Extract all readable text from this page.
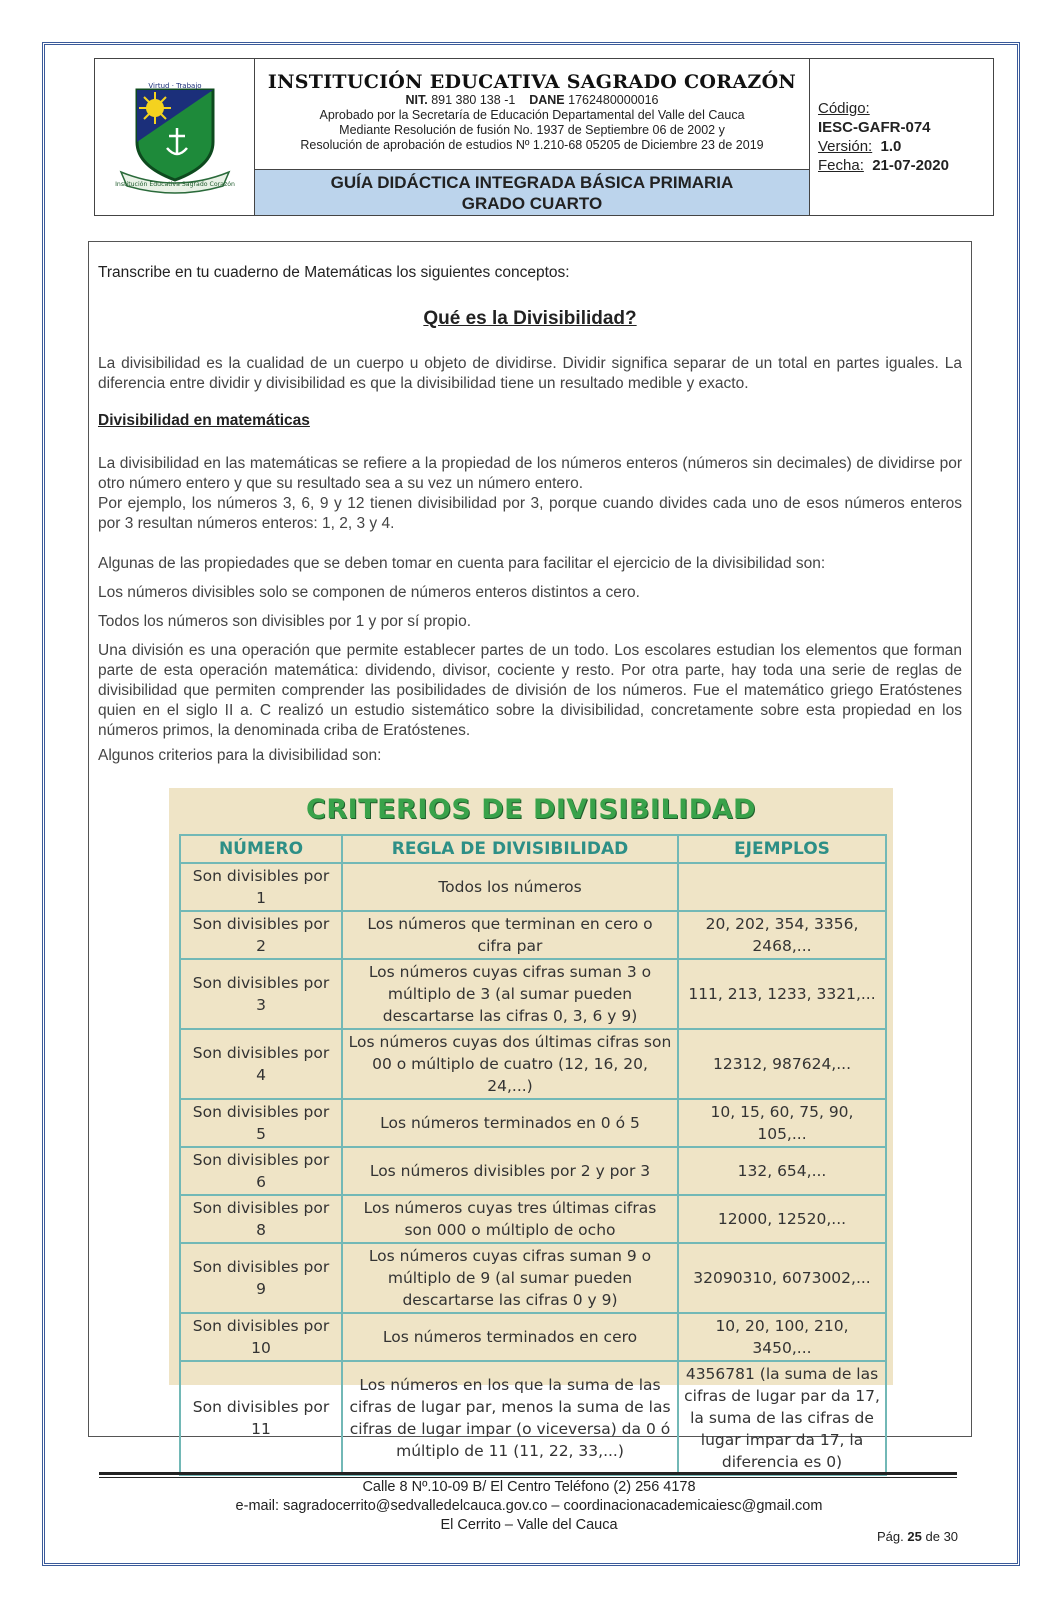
Virtud · Trabajo
Institución Educativa Sagrado Corazón
INSTITUCIÓN EDUCATIVA SAGRADO CORAZÓN
NIT. 891 380 138 -1 DANE 1762480000016
Aprobado por la Secretaría de Educación Departamental del Valle del Cauca
Mediante Resolución de fusión No. 1937 de Septiembre 06 de 2002 y
Resolución de aprobación de estudios Nº 1.210-68 05205 de Diciembre 23 de 2019
GUÍA DIDÁCTICA INTEGRADA BÁSICA PRIMARIA
GRADO CUARTO
Código:
IESC-GAFR-074
Versión: 1.0
Fecha: 21-07-2020
Transcribe en tu cuaderno de Matemáticas los siguientes conceptos:
Qué es la Divisibilidad?

La divisibilidad es la cualidad de un cuerpo u objeto de dividirse. Dividir significa separar de un total en partes iguales. La diferencia entre dividir y divisibilidad es que la divisibilidad tiene un resultado medible y exacto.

Divisibilidad en matemáticas

La divisibilidad en las matemáticas se refiere a la propiedad de los números enteros (números sin decimales) de dividirse por otro número entero y que su resultado sea a su vez un número entero.

Por ejemplo, los números 3, 6, 9 y 12 tienen divisibilidad por 3, porque cuando divides cada uno de esos números enteros por 3 resultan números enteros: 1, 2, 3 y 4.

Algunas de las propiedades que se deben tomar en cuenta para facilitar el ejercicio de la divisibilidad son:

Los números divisibles solo se componen de números enteros distintos a cero.

Todos los números son divisibles por 1 y por sí propio.

Una división es una operación que permite establecer partes de un todo. Los escolares estudian los elementos que forman parte de esta operación matemática: dividendo, divisor, cociente y resto. Por otra parte, hay toda una serie de reglas de divisibilidad que permiten comprender las posibilidades de división de los números. Fue el matemático griego Eratóstenes quien en el siglo II a. C realizó un estudio sistemático sobre la divisibilidad, concretamente sobre esta propiedad en los números primos, la denominada criba de Eratóstenes.

Algunos criterios para la divisibilidad son:

CRITERIOS DE DIVISIBILIDAD
NÚMERO	REGLA DE DIVISIBILIDAD	EJEMPLOS
Son divisibles por 1	Todos los números	
Son divisibles por 2	Los números que terminan en cero o cifra par	20, 202, 354, 3356, 2468,...
Son divisibles por 3	Los números cuyas cifras suman 3 o múltiplo de 3 (al sumar pueden descartarse las cifras 0, 3, 6 y 9)	111, 213, 1233, 3321,...
Son divisibles por 4	Los números cuyas dos últimas cifras son 00 o múltiplo de cuatro (12, 16, 20, 24,...)	12312, 987624,...
Son divisibles por 5	Los números terminados en 0 ó 5	10, 15, 60, 75, 90, 105,...
Son divisibles por 6	Los números divisibles por 2 y por 3	132, 654,...
Son divisibles por 8	Los números cuyas tres últimas cifras son 000 o múltiplo de ocho	12000, 12520,...
Son divisibles por 9	Los números cuyas cifras suman 9 o múltiplo de 9 (al sumar pueden descartarse las cifras 0 y 9)	32090310, 6073002,...
Son divisibles por 10	Los números terminados en cero	10, 20, 100, 210, 3450,...
Son divisibles por 11	Los números en los que la suma de las cifras de lugar par, menos la suma de las cifras de lugar impar (o viceversa) da 0 ó múltiplo de 11 (11, 22, 33,...)	4356781 (la suma de las cifras de lugar par da 17, la suma de las cifras de lugar impar da 17, la diferencia es 0)
Calle 8 Nº.10-09 B/ El Centro Teléfono (2) 256 4178
e-mail: sagradocerrito@sedvalledelcauca.gov.co – coordinacionacademicaiesc@gmail.com
El Cerrito – Valle del Cauca
Pág. 25 de 30
